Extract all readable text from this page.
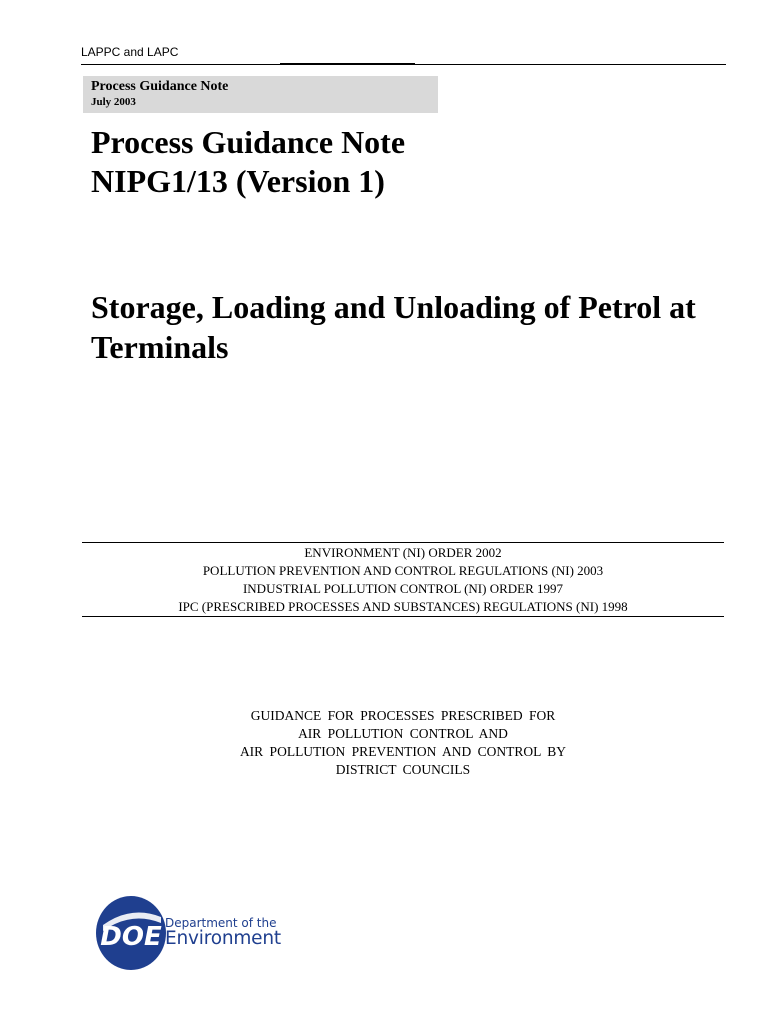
LAPPC and LAPC
Process Guidance Note
July 2003
Process Guidance Note
NIPG1/13 (Version 1)
Storage, Loading and Unloading of Petrol at
Terminals
ENVIRONMENT (NI) ORDER 2002
POLLUTION PREVENTION AND CONTROL REGULATIONS (NI) 2003
INDUSTRIAL POLLUTION CONTROL (NI) ORDER 1997
IPC (PRESCRIBED PROCESSES AND SUBSTANCES) REGULATIONS (NI) 1998
GUIDANCE FOR PROCESSES PRESCRIBED FOR
AIR POLLUTION CONTROL AND
AIR POLLUTION PREVENTION AND CONTROL BY
DISTRICT COUNCILS
DOE Department of the
Environment
